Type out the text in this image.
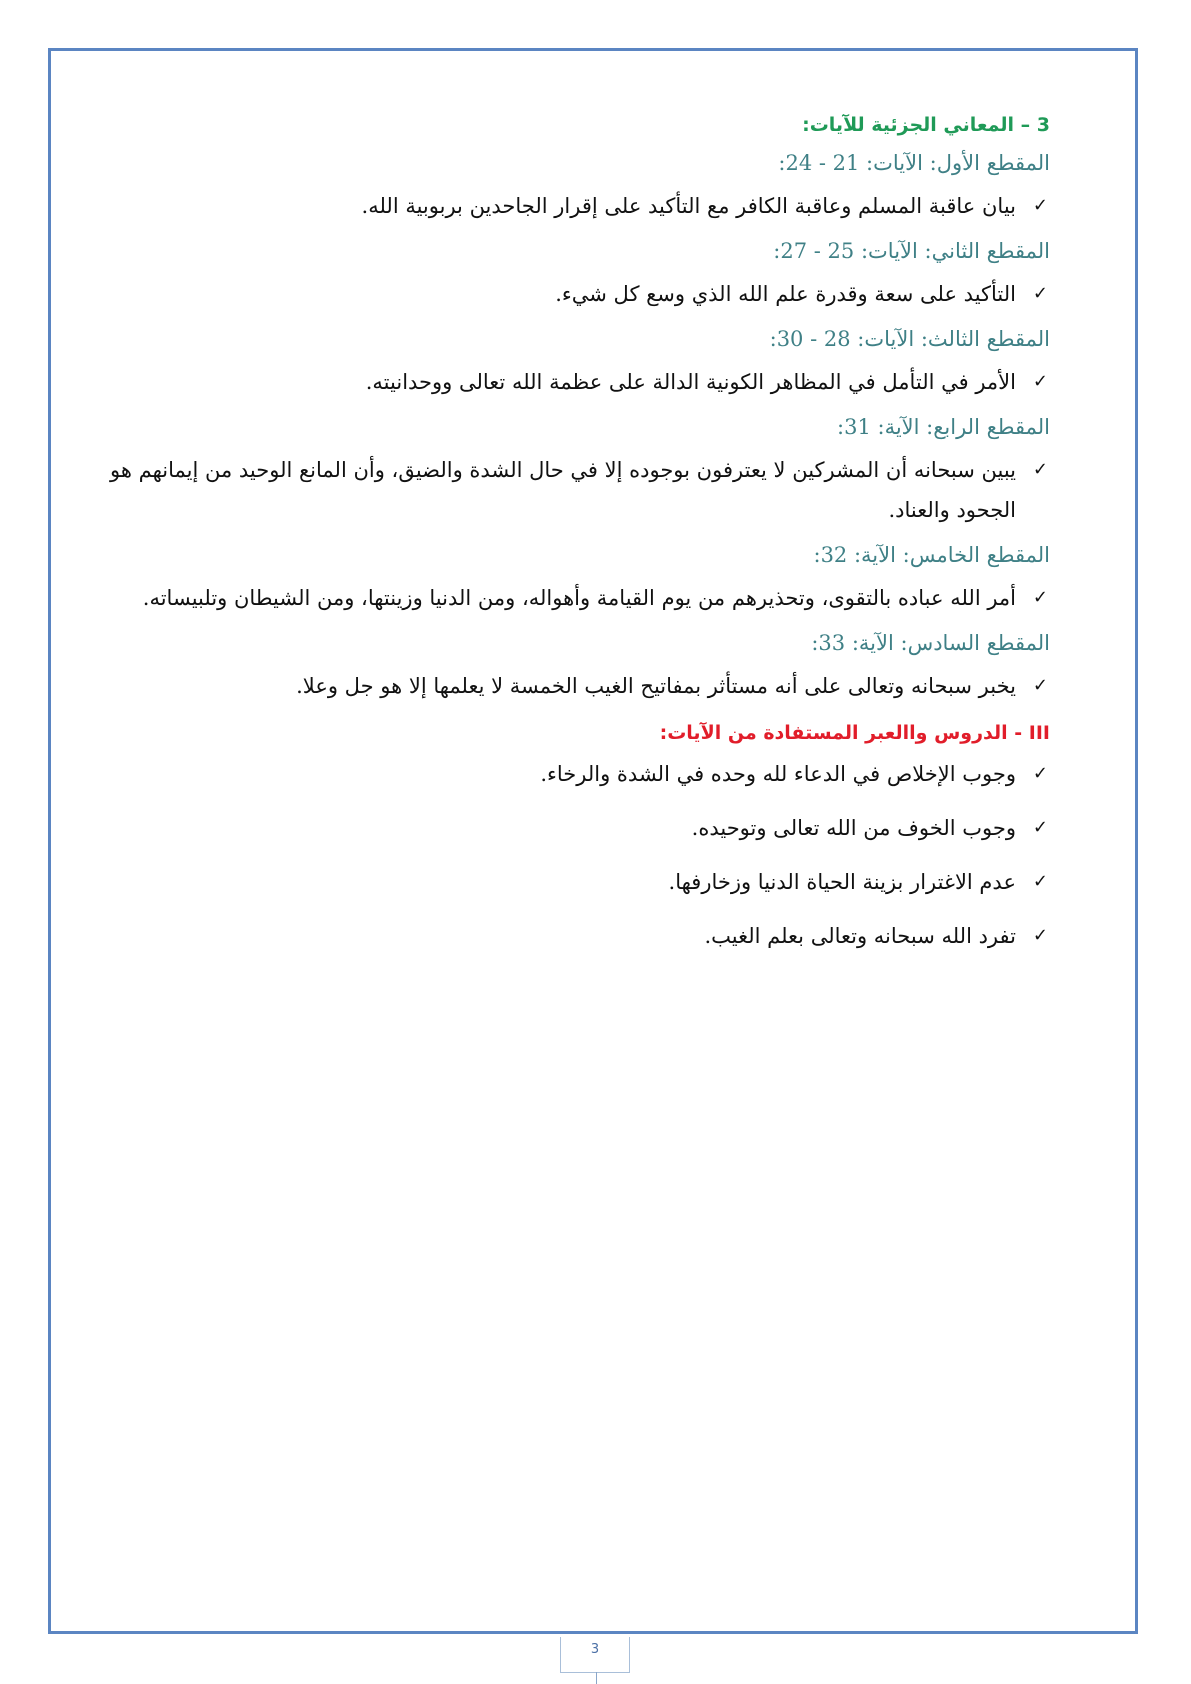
3 – المعاني الجزئية للآيات:
المقطع الأول: الآيات: 21 - 24:
✓
بيان عاقبة المسلم وعاقبة الكافر مع التأكيد على إقرار الجاحدين بربوبية الله.
المقطع الثاني: الآيات: 25 - 27:
✓
التأكيد على سعة وقدرة علم الله الذي وسع كل شيء.
المقطع الثالث: الآيات: 28 - 30:
✓
الأمر في التأمل في المظاهر الكونية الدالة على عظمة الله تعالى ووحدانيته.
المقطع الرابع: الآية: 31:
✓
يبين سبحانه أن المشركين لا يعترفون بوجوده إلا في حال الشدة والضيق، وأن المانع الوحيد من إيمانهم هو الجحود والعناد.
المقطع الخامس: الآية: 32:
✓
أمر الله عباده بالتقوى، وتحذيرهم من يوم القيامة وأهواله، ومن الدنيا وزينتها، ومن الشيطان وتلبيساته.
المقطع السادس: الآية: 33:
✓
يخبر سبحانه وتعالى على أنه مستأثر بمفاتيح الغيب الخمسة لا يعلمها إلا هو جل وعلا.
III - الدروس واالعبر المستفادة من الآيات:
✓
وجوب الإخلاص في الدعاء لله وحده في الشدة والرخاء.
✓
وجوب الخوف من الله تعالى وتوحيده.
✓
عدم الاغترار بزينة الحياة الدنيا وزخارفها.
✓
تفرد الله سبحانه وتعالى بعلم الغيب.
3
